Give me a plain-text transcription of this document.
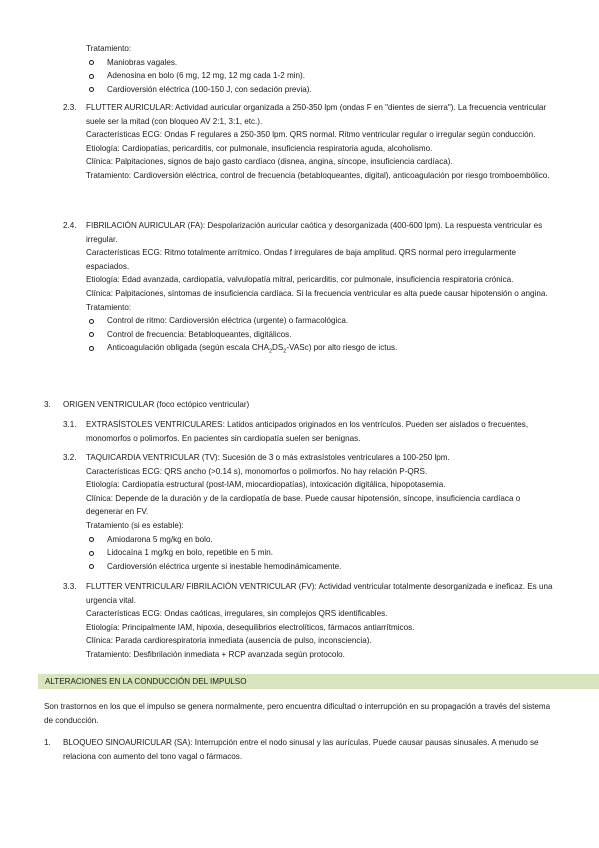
Tratamiento:

Maniobras vagales.
Adenosina en bolo (6 mg, 12 mg, 12 mg cada 1-2 min).
Cardioversión eléctrica (100-150 J, con sedación previa).
2.3.	FLUTTER AURICULAR: Actividad auricular organizada a 250-350 lpm (ondas F en "dientes de sierra"). La frecuencia ventricular suele ser la mitad (con bloqueo AV 2:1, 3:1, etc.).

Características ECG: Ondas F regulares a 250-350 lpm. QRS normal. Ritmo ventricular regular o irregular según conducción.

Etiología: Cardiopatías, pericarditis, cor pulmonale, insuficiencia respiratoria aguda, alcoholismo.

Clínica: Palpitaciones, signos de bajo gasto cardíaco (disnea, angina, síncope, insuficiencia cardíaca).

Tratamiento: Cardioversión eléctrica, control de frecuencia (betabloqueantes, digital), anticoagulación por riesgo tromboembólico.

2.4.	FIBRILACIÓN AURICULAR (FA): Despolarización auricular caótica y desorganizada (400-600 lpm). La respuesta ventricular es irregular.

Características ECG: Ritmo totalmente arrítmico. Ondas f irregulares de baja amplitud. QRS normal pero irregularmente espaciados.

Etiología: Edad avanzada, cardiopatía, valvulopatía mitral, pericarditis, cor pulmonale, insuficiencia respiratoria crónica.

Clínica: Palpitaciones, síntomas de insuficiencia cardíaca. Si la frecuencia ventricular es alta puede causar hipotensión o angina.

Tratamiento:

Control de ritmo: Cardioversión eléctrica (urgente) o farmacológica.
Control de frecuencia: Betabloqueantes, digitálicos.
Anticoagulación obligada (según escala $CHA_2DS_2-VASc$) por alto riesgo de ictus.
3. ORIGEN VENTRICULAR (foco ectópico ventricular)
3.1.	EXTRASÍSTOLES VENTRICULARES: Latidos anticipados originados en los ventrículos. Pueden ser aislados o frecuentes, monomorfos o polimorfos. En pacientes sin cardiopatía suelen ser benignas.
3.2.	TAQUICARDIA VENTRICULAR (TV): Sucesión de 3 o más extrasístoles ventriculares a 100-250 lpm.

Características ECG: QRS ancho (>0.14 s), monomorfos o polimorfos. No hay relación P-QRS.

Etiología: Cardiopatía estructural (post-IAM, miocardiopatías), intoxicación digitálica, hipopotasemia.

Clínica: Depende de la duración y de la cardiopatía de base. Puede causar hipotensión, síncope, insuficiencia cardíaca o degenerar en FV.

Tratamiento (si es estable):

Amiodarona 5 mg/kg en bolo.
Lidocaína 1 mg/kg en bolo, repetible en 5 min.
Cardioversión eléctrica urgente si inestable hemodinámicamente.
3.3.	FLUTTER VENTRICULAR/ FIBRILACIÓN VENTRICULAR (FV): Actividad ventricular totalmente desorganizada e ineficaz. Es una urgencia vital.

Características ECG: Ondas caóticas, irregulares, sin complejos QRS identificables.

Etiología: Principalmente IAM, hipoxia, desequilibrios electrolíticos, fármacos antiarrítmicos.

Clínica: Parada cardiorespiratoria inmediata (ausencia de pulso, inconsciencia).

Tratamiento: Desfibrilación inmediata + RCP avanzada según protocolo.

ALTERACIONES EN LA CONDUCCIÓN DEL IMPULSO

Son trastornos en los que el impulso se genera normalmente, pero encuentra dificultad o interrupción en su propagación a través del sistema de conducción.

1.	BLOQUEO SINOAURICULAR (SA): Interrupción entre el nodo sinusal y las aurículas. Puede causar pausas sinusales. A menudo se relaciona con aumento del tono vagal o fármacos.
